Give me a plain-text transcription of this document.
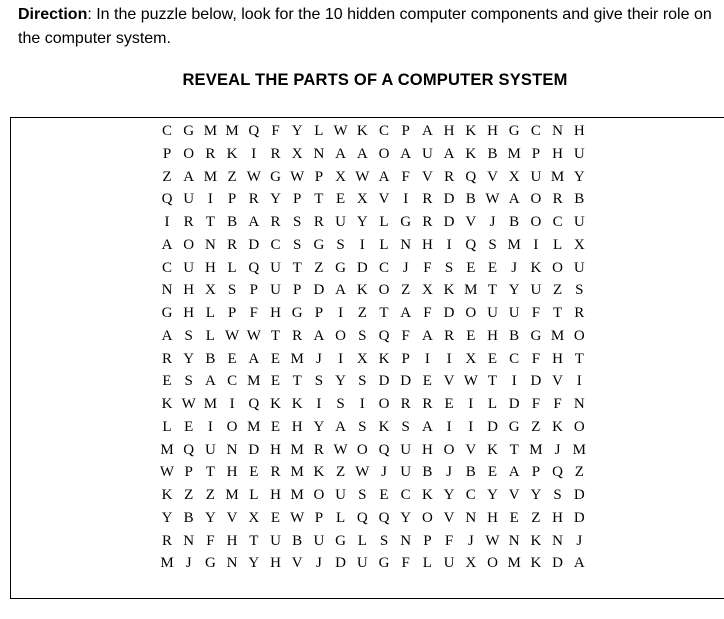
Direction: In the puzzle below, look for the 10 hidden computer components and give their role on the computer system.

REVEAL THE PARTS OF A COMPUTER SYSTEM
C G M M Q F Y L W K C P A H K H G C N H
P O R K I R X N A A O A U A K B M P H U
Z A M Z W G W P X W A F V R Q V X U M Y
Q U I	P R Y P T E X V I R D B W A O R B
I R T B A R S R U Y L G R D V J B O C U
A O N R D C S G S	I L N H I Q S M I L X
C U H L Q U T Z G D C J F S E E J K O U
N H X S P U P D A K O Z X K M T Y U Z S
G H L P F H G P	I Z T A F D O U U F T R
A S L W W T R A O S Q F A R E H B G M O
R Y B E A E M J	I X K P	I	I X E C F H T
E S A C M E T S Y S D D E V W T I D V I
K W M I Q K K I	S	I O R R E I L D F F N
L E I O M E H Y A S K S A I	I D G Z K O
M Q U N D H M R W O Q U H O V K T M J M
W P T H E R M K Z W J U B J B E A P Q Z
K Z Z M L H M O U S E C K Y C Y V Y S D
Y B Y V X E W P L Q Q Y O V N H E Z H D
R N F H T U B U G L S N P F J W N K N J
M J G N Y H V J D U G F L U X O M K D A
